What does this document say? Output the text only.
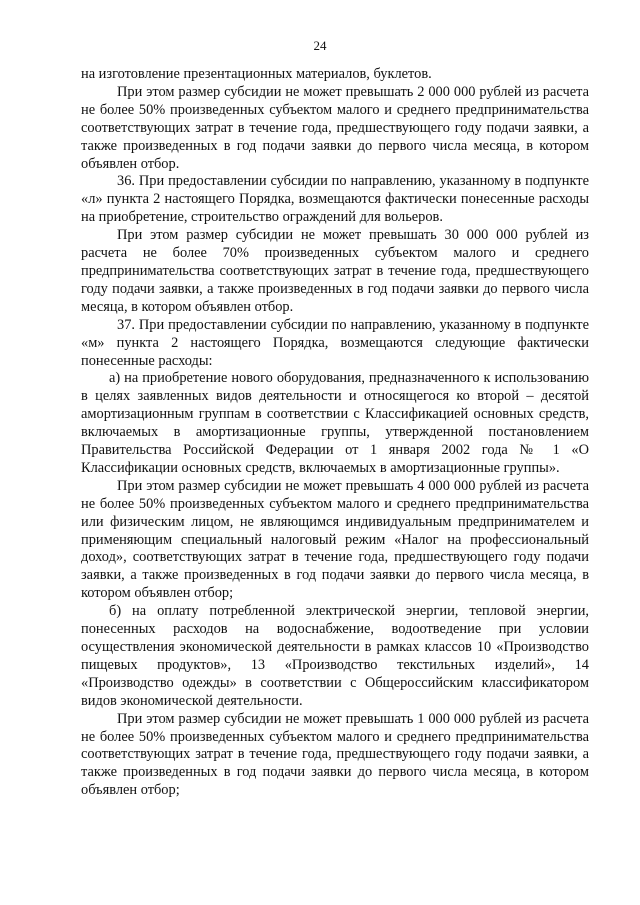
24

на изготовление презентационных материалов, буклетов.

При этом размер субсидии не может превышать 2 000 000 рублей из расчета не более 50% произведенных субъектом малого и среднего предпринимательства соответствующих затрат в течение года, предшествующего году подачи заявки, а также произведенных в год подачи заявки до первого числа месяца, в котором объявлен отбор.

36. При предоставлении субсидии по направлению, указанному в подпункте «л» пункта 2 настоящего Порядка, возмещаются фактически понесенные расходы на приобретение, строительство ограждений для вольеров.

При этом размер субсидии не может превышать 30 000 000 рублей из расчета не более 70% произведенных субъектом малого и среднего предпринимательства соответствующих затрат в течение года, предшествующего году подачи заявки, а также произведенных в год подачи заявки до первого числа месяца, в котором объявлен отбор.

37. При предоставлении субсидии по направлению, указанному в подпункте «м» пункта 2 настоящего Порядка, возмещаются следующие фактически понесенные расходы:

а) на приобретение нового оборудования, предназначенного к использованию в целях заявленных видов деятельности и относящегося ко второй – десятой амортизационным группам в соответствии с Классификацией основных средств, включаемых в амортизационные группы, утвержденной постановлением Правительства Российской Федерации от 1 января 2002 года № 1 «О Классификации основных средств, включаемых в амортизационные группы».

При этом размер субсидии не может превышать 4 000 000 рублей из расчета не более 50% произведенных субъектом малого и среднего предпринимательства или физическим лицом, не являющимся индивидуальным предпринимателем и применяющим специальный налоговый режим «Налог на профессиональный доход», соответствующих затрат в течение года, предшествующего году подачи заявки, а также произведенных в год подачи заявки до первого числа месяца, в котором объявлен отбор;

б) на оплату потребленной электрической энергии, тепловой энергии, понесенных расходов на водоснабжение, водоотведение при условии осуществления экономической деятельности в рамках классов 10 «Производство пищевых продуктов», 13 «Производство текстильных изделий», 14 «Производство одежды» в соответствии с Общероссийским классификатором видов экономической деятельности.

При этом размер субсидии не может превышать 1 000 000 рублей из расчета не более 50% произведенных субъектом малого и среднего предпринимательства соответствующих затрат в течение года, предшествующего году подачи заявки, а также произведенных в год подачи заявки до первого числа месяца, в котором объявлен отбор;
